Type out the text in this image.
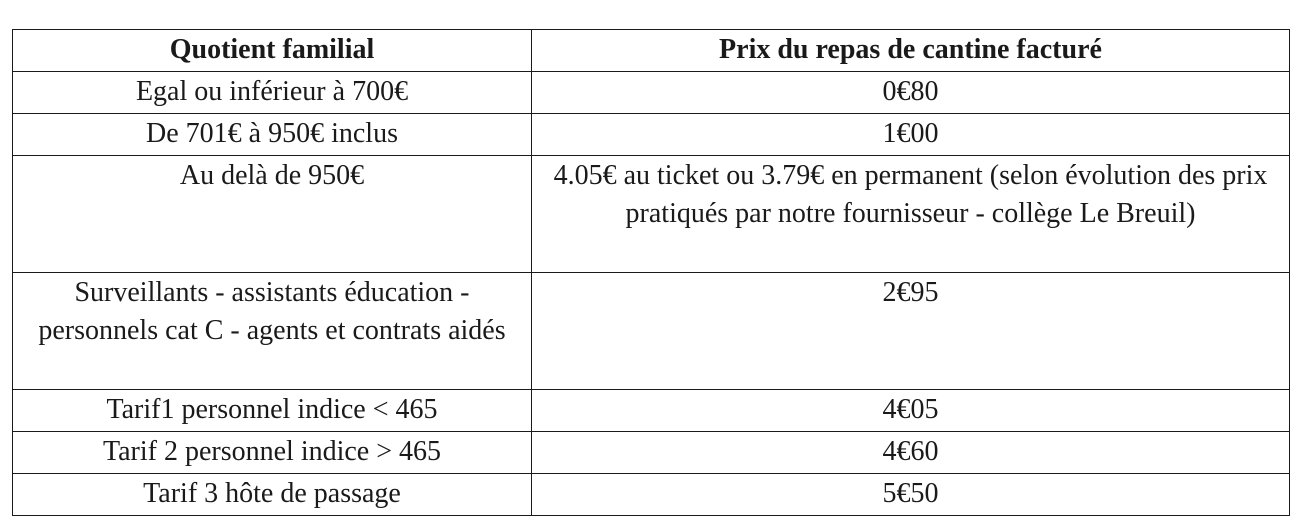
Quotient familial	Prix du repas de cantine facturé
Egal ou inférieur à 700€	0€80
De 701€ à 950€ inclus	1€00
Au delà de 950€	4.05€ au ticket ou 3.79€ en permanent (selon évolution des prix pratiqués par notre fournisseur - collège Le Breuil)
Surveillants - assistants éducation - personnels cat C - agents et contrats aidés	2€95
Tarif1 personnel indice < 465	4€05
Tarif 2 personnel indice > 465	4€60
Tarif 3 hôte de passage	5€50
